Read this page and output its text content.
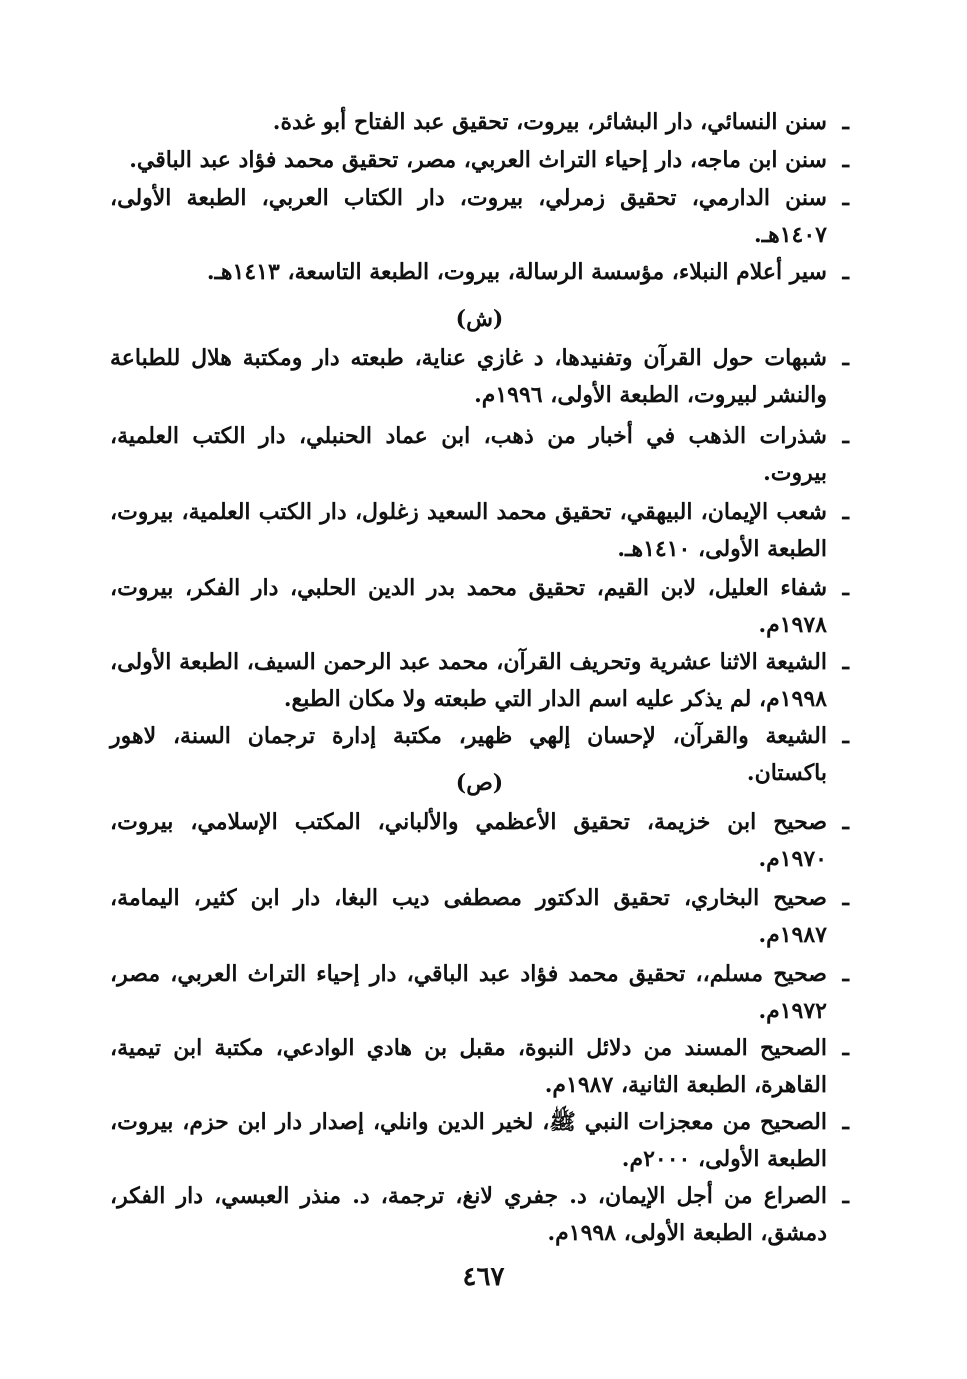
ـ
سنن النسائي، دار البشائر، بيروت، تحقيق عبد الفتاح أبو غدة.
ـ
سنن ابن ماجه، دار إحياء التراث العربي، مصر، تحقيق محمد فؤاد عبد الباقي.
ـ
سنن الدارمي، تحقيق زمرلي، بيروت، دار الكتاب العربي، الطبعة الأولى، ١٤٠٧هـ.
ـ
سير أعلام النبلاء، مؤسسة الرسالة، بيروت، الطبعة التاسعة، ١٤١٣هـ.
(ش)
ـ
شبهات حول القرآن وتفنيدها، د غازي عناية، طبعته دار ومكتبة هلال للطباعة والنشر لبيروت، الطبعة الأولى، ١٩٩٦م.
ـ
شذرات الذهب في أخبار من ذهب، ابن عماد الحنبلي، دار الكتب العلمية، بيروت.
ـ
شعب الإيمان، البيهقي، تحقيق محمد السعيد زغلول، دار الكتب العلمية، بيروت، الطبعة الأولى، ١٤١٠هـ.
ـ
شفاء العليل، لابن القيم، تحقيق محمد بدر الدين الحلبي، دار الفكر، بيروت، ١٩٧٨م.
ـ
الشيعة الاثنا عشرية وتحريف القرآن، محمد عبد الرحمن السيف، الطبعة الأولى، ١٩٩٨م، لم يذكر عليه اسم الدار التي طبعته ولا مكان الطبع.
ـ
الشيعة والقرآن، لإحسان إلهي ظهير، مكتبة إدارة ترجمان السنة، لاهور باكستان.
(ص)
ـ
صحيح ابن خزيمة، تحقيق الأعظمي والألباني، المكتب الإسلامي، بيروت، ١٩٧٠م.
ـ
صحيح البخاري، تحقيق الدكتور مصطفى ديب البغا، دار ابن كثير، اليمامة، ١٩٨٧م.
ـ
صحيح مسلم،، تحقيق محمد فؤاد عبد الباقي، دار إحياء التراث العربي، مصر، ١٩٧٢م.
ـ
الصحيح المسند من دلائل النبوة، مقبل بن هادي الوادعي، مكتبة ابن تيمية، القاهرة، الطبعة الثانية، ١٩٨٧م.
ـ
الصحيح من معجزات النبي ﷺ، لخير الدين وانلي، إصدار دار ابن حزم، بيروت، الطبعة الأولى، ٢٠٠٠م.
ـ
الصراع من أجل الإيمان، د. جفري لانغ، ترجمة، د. منذر العبسي، دار الفكر، دمشق، الطبعة الأولى، ١٩٩٨م.
٤٦٧
